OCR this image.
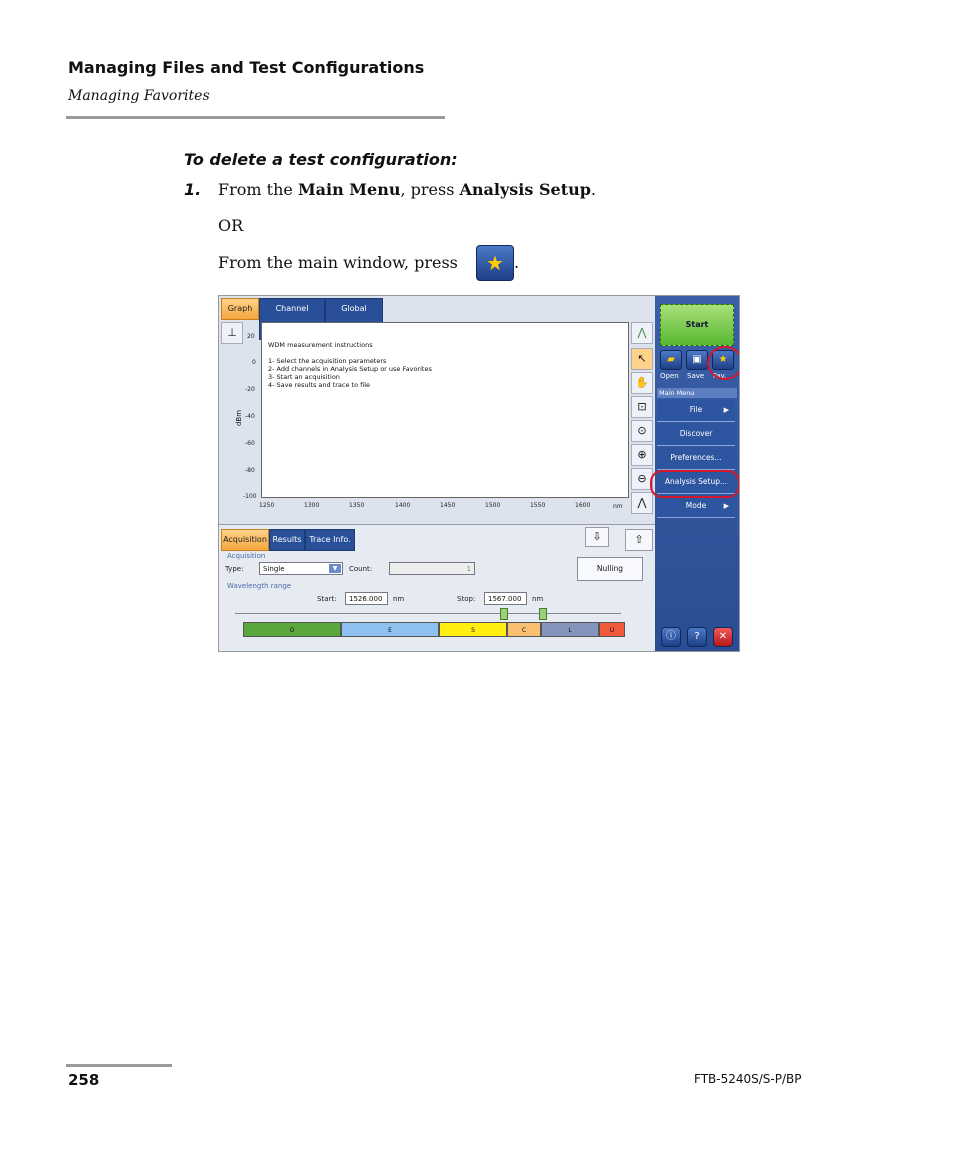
Managing Files and Test Configurations
Managing Favorites
To delete a test configuration:
1. From the Main Menu, press Analysis Setup.
OR
From the main window, press	★ .
Graph	Channel	Global
⊥
dBm
20
0
-20
-40
-60
-80
-100
WDM measurement instructions
1- Select the acquisition parameters
2- Add channels in Analysis Setup or use Favorites
3- Start an acquisition
4- Save results and trace to file
1250	1300	1350	1400	1450	1500	1550	1600	nm
⋀
↖
✋
⊡
⊙
⊕
⊖
⋀
Acquisition Results Trace Info.	⇩	⇧
Acquisition
Type:	Single	▼	Count:	1	Nulling
Wavelength range
Start:	1526.000	nm	Stop:	1567.000	nm
O	E	S	C	L	U
Start
▰	▣	★
Open Save Fav.
Main Menu
File	▶
Discover
Preferences...
Analysis Setup...
Mode ▶
ⓘ	?	✕
258	FTB-5240S/S-P/BP
